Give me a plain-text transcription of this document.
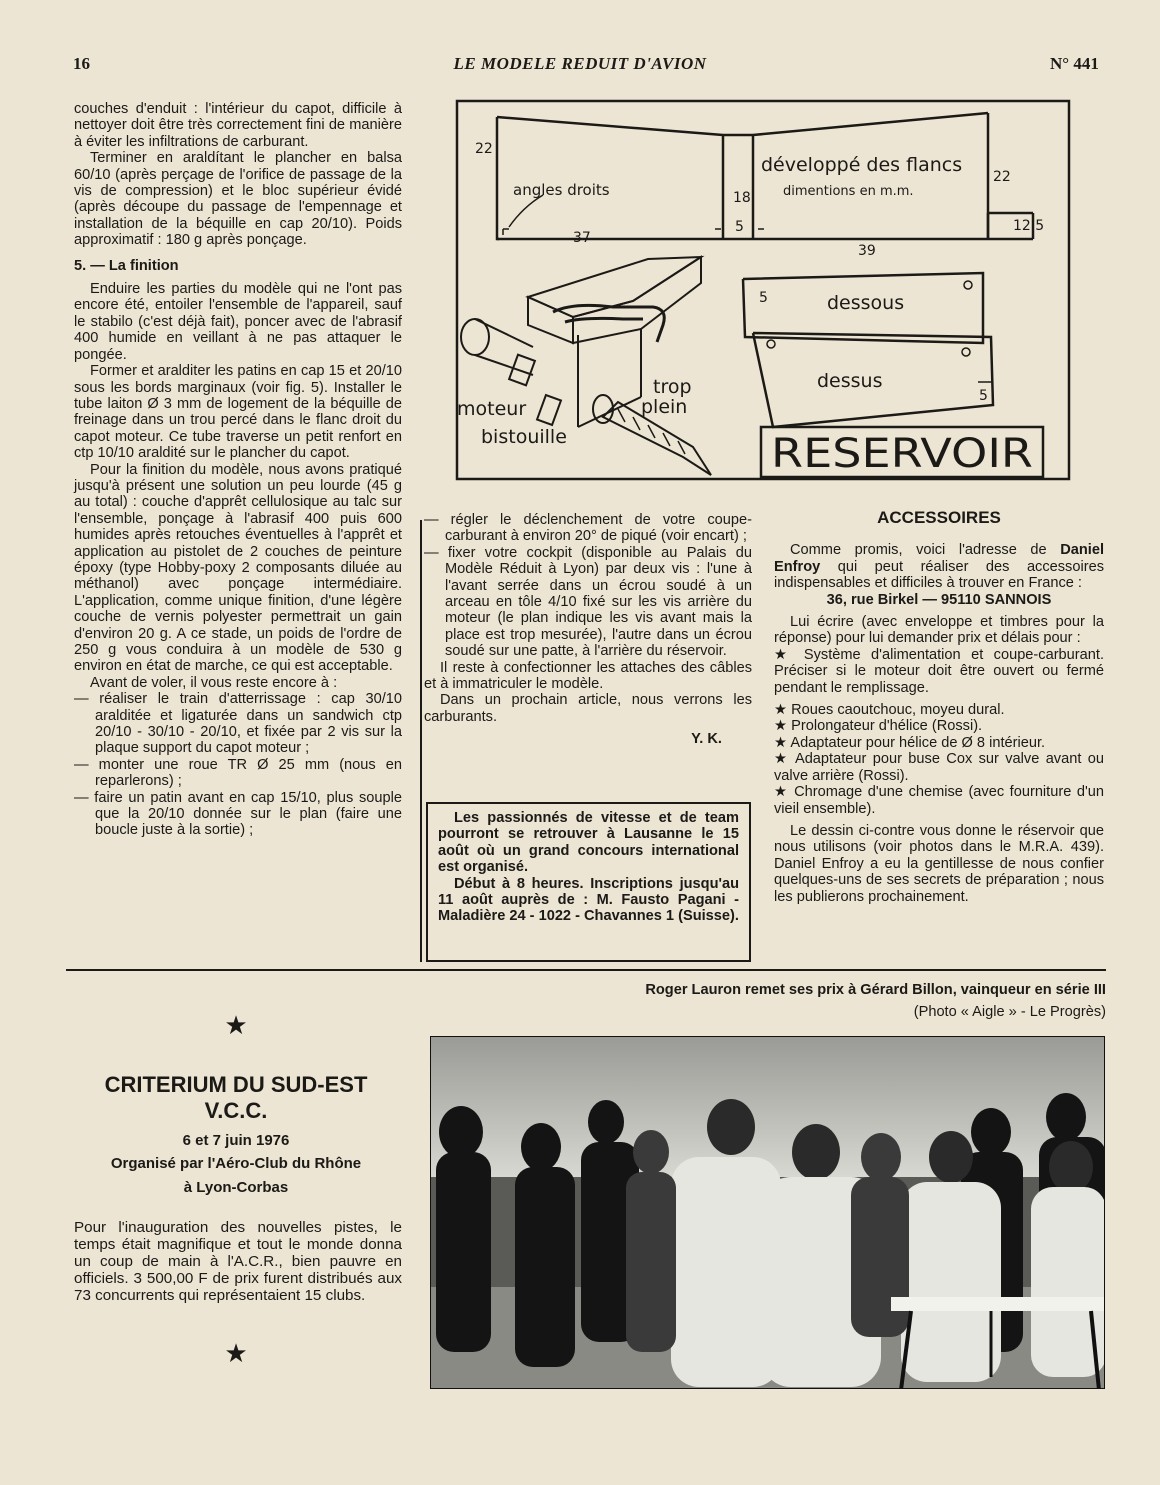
LE MODELE REDUIT D'AVION
16	N° 441

couches d'enduit : l'intérieur du capot, difficile à nettoyer doit être très correctement fini de manière à éviter les infiltrations de carburant.

Terminer en araldítant le plancher en balsa 60/10 (après perçage de l'orifice de passage de la vis de compression) et le bloc supérieur évidé (après découpe du passage de l'empennage et installation de la béquille en cap 20/10). Poids approximatif : 180 g après ponçage.

5. — La finition

Enduire les parties du modèle qui ne l'ont pas encore été, entoiler l'ensemble de l'appareil, sauf le stabilo (c'est déjà fait), poncer avec de l'abrasif 400 humide en veillant à ne pas attaquer le pongée.

Former et aralditer les patins en cap 15 et 20/10 sous les bords marginaux (voir fig. 5). Installer le tube laiton Ø 3 mm de logement de la béquille de freinage dans un trou percé dans le flanc droit du capot moteur. Ce tube traverse un petit renfort en ctp 10/10 araldité sur le plancher du capot.

Pour la finition du modèle, nous avons pratiqué jusqu'à présent une solution un peu lourde (45 g au total) : couche d'apprêt cellulosique au talc sur l'ensemble, ponçage à l'abrasif 400 puis 600 humides après retouches éventuelles à l'apprêt et application au pistolet de 2 couches de peinture époxy (type Hobby-poxy 2 composants diluée au méthanol) avec ponçage intermédiaire. L'application, comme unique finition, d'une légère couche de vernis polyester permettrait un gain d'environ 20 g. A ce stade, un poids de l'ordre de 250 g vous conduira à un modèle de 530 g environ en état de marche, ce qui est acceptable.

Avant de voler, il vous reste encore à :

— réaliser le train d'atterrissage : cap 30/10 aralditée et ligaturée dans un sandwich ctp 20/10 - 30/10 - 20/10, et fixée par 2 vis sur la plaque support du capot moteur ;

— monter une roue TR Ø 25 mm (nous en reparlerons) ;

— faire un patin avant en cap 15/10, plus souple que la 20/10 donnée sur le plan (faire une boucle juste à la sortie) ;

— régler le déclenchement de votre coupe-carburant à environ 20° de piqué (voir encart) ;

— fixer votre cockpit (disponible au Palais du Modèle Réduit à Lyon) par deux vis : l'une à l'avant serrée dans un écrou soudé à un arceau en tôle 4/10 fixé sur les vis arrière du moteur (le plan indique les vis avant mais la place est trop mesurée), l'autre dans un écrou soudé sur une patte, à l'arrière du réservoir.

Il reste à confectionner les attaches des câbles et à immatriculer le modèle.

Dans un prochain article, nous verrons les carburants.

Y. K.

Les passionnés de vitesse et de team pourront se retrouver à Lausanne le 15 août où un grand concours international est organisé.

Début à 8 heures. Inscriptions jusqu'au 11 août auprès de : M. Fausto Pagani - Maladière 24 - 1022 - Chavannes 1 (Suisse).

ACCESSOIRES

Comme promis, voici l'adresse de Daniel Enfroy qui peut réaliser des accessoires indispensables et difficiles à trouver en France :

36, rue Birkel — 95110 SANNOIS

Lui écrire (avec enveloppe et timbres pour la réponse) pour lui demander prix et délais pour :

★ Système d'alimentation et coupe-carburant. Préciser si le moteur doit être ouvert ou fermé pendant le remplissage.

★ Roues caoutchouc, moyeu dural.

★ Prolongateur d'hélice (Rossi).

★ Adaptateur pour hélice de Ø 8 intérieur.

★ Adaptateur pour buse Cox sur valve avant ou valve arrière (Rossi).

★ Chromage d'une chemise (avec fourniture d'un vieil ensemble).

Le dessin ci-contre vous donne le réservoir que nous utilisons (voir photos dans le M.R.A. 439). Daniel Enfroy a eu la gentillesse de nous confier quelques-uns de ses secrets de préparation ; nous les publierons prochainement.

22
angles droits	18
5
37
développé des flancs
dimentions en m.m.
22
12,5
39
dessous
5
dessus
5
moteur
bistouille
trop
plein
RESERVOIR
Roger Lauron remet ses prix à Gérard Billon, vainqueur en série III
(Photo « Aigle » - Le Progrès)
★
CRITERIUM DU SUD-EST
V.C.C.
6 et 7 juin 1976
Organisé par l'Aéro-Club du Rhône
à Lyon-Corbas
Pour l'inauguration des nouvelles pistes, le temps était magnifique et tout le monde donna un coup de main à l'A.C.R., bien pauvre en officiels. 3 500,00 F de prix furent distribués aux 73 concurrents qui représentaient 15 clubs.
★
